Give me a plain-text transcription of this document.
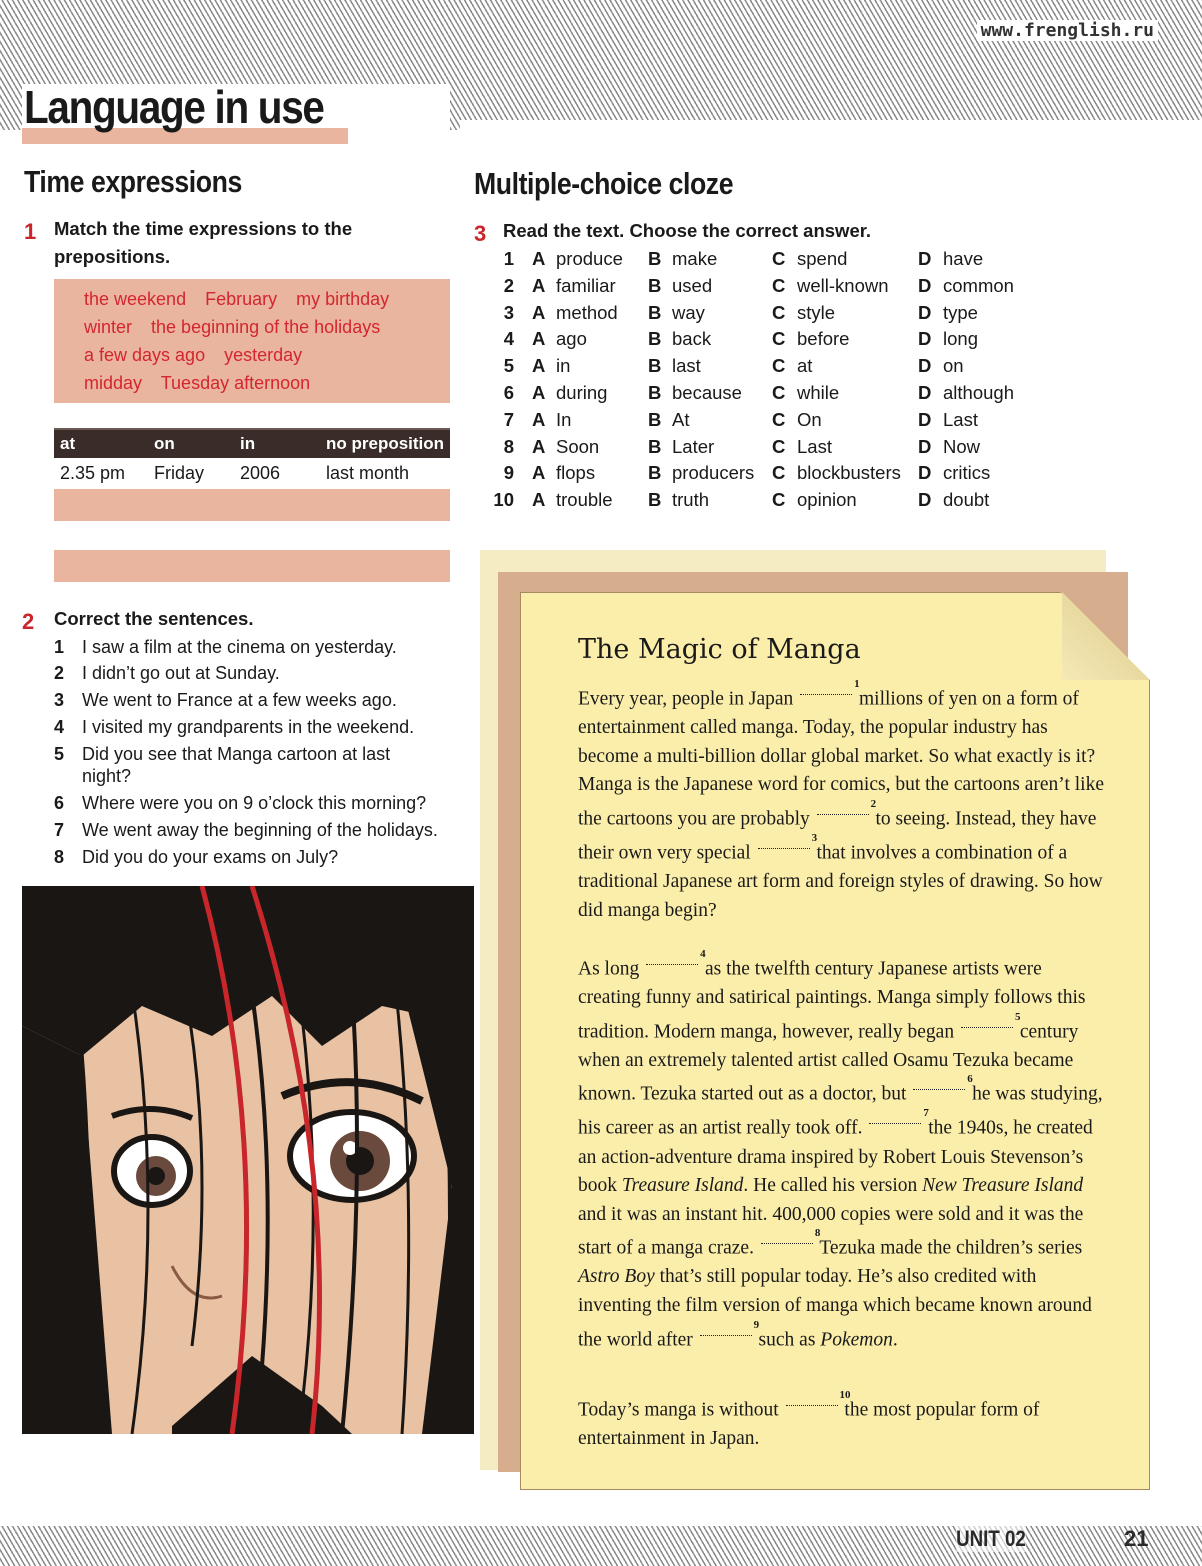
www.frenglish.ru
Language in use
Time expressions
1 Match the time expressions to the prepositions.

the weekend February my birthday
winter the beginning of the holidays
a few days ago yesterday
midday Tuesday afternoon
at	on	in	no preposition
2.35 pm	Friday	2006	last month
2 Correct the sentences.

1 I saw a film at the cinema on yesterday.
2 I didn’t go out at Sunday.
3 We went to France at a few weeks ago.
4 I visited my grandparents in the weekend.
5 Did you see that Manga cartoon at last night?
6 Where were you on 9 o’clock this morning?
7 We went away the beginning of the holidays.
8 Did you do your exams on July?
Multiple-choice cloze
3 Read the text. Choose the correct answer.

1 A produce B make	C spend	D have
2 A familiar B used	C well-known D common
3 A method B way	C style	D type
4 A ago	B back	C before	D long
5 A in	B last	C at	D on
6 A during B because C while	D although
7 A In	B At	C On	D Last
8 A Soon	B Later	C Last	D Now
9 A flops	B producers C blockbusters D critics
10 A trouble B truth	C opinion	D doubt
The Magic of Manga

Every year, people in Japan $^1$ millions of yen on a form of entertainment called manga. Today, the popular industry has become a multi-billion dollar global market. So what exactly is it? Manga is the Japanese word for comics, but the cartoons aren’t like the cartoons you are probably $^2$ to seeing. Instead, they have their own very special $^3$ that involves a combination of a traditional Japanese art form and foreign styles of drawing. So how did manga begin?

As long $^4$ as the twelfth century Japanese artists were creating funny and satirical paintings. Manga simply follows this tradition. Modern manga, however, really began $^5$ century when an extremely talented artist called Osamu Tezuka became known. Tezuka started out as a doctor, but $^6$ he was studying, his career as an artist really took off. $^7$ the 1940s, he created an action-adventure drama inspired by Robert Louis Stevenson’s book Treasure Island. He called his version New Treasure Island and it was an instant hit. 400,000 copies were sold and it was the start of a manga craze. $^8$ Tezuka made the children’s series Astro Boy that’s still popular today. He’s also credited with inventing the film version of manga which became known around the world after $^9$ such as Pokemon.

Today’s manga is without $^{10}$ the most popular form of entertainment in Japan.

UNIT 02	21
